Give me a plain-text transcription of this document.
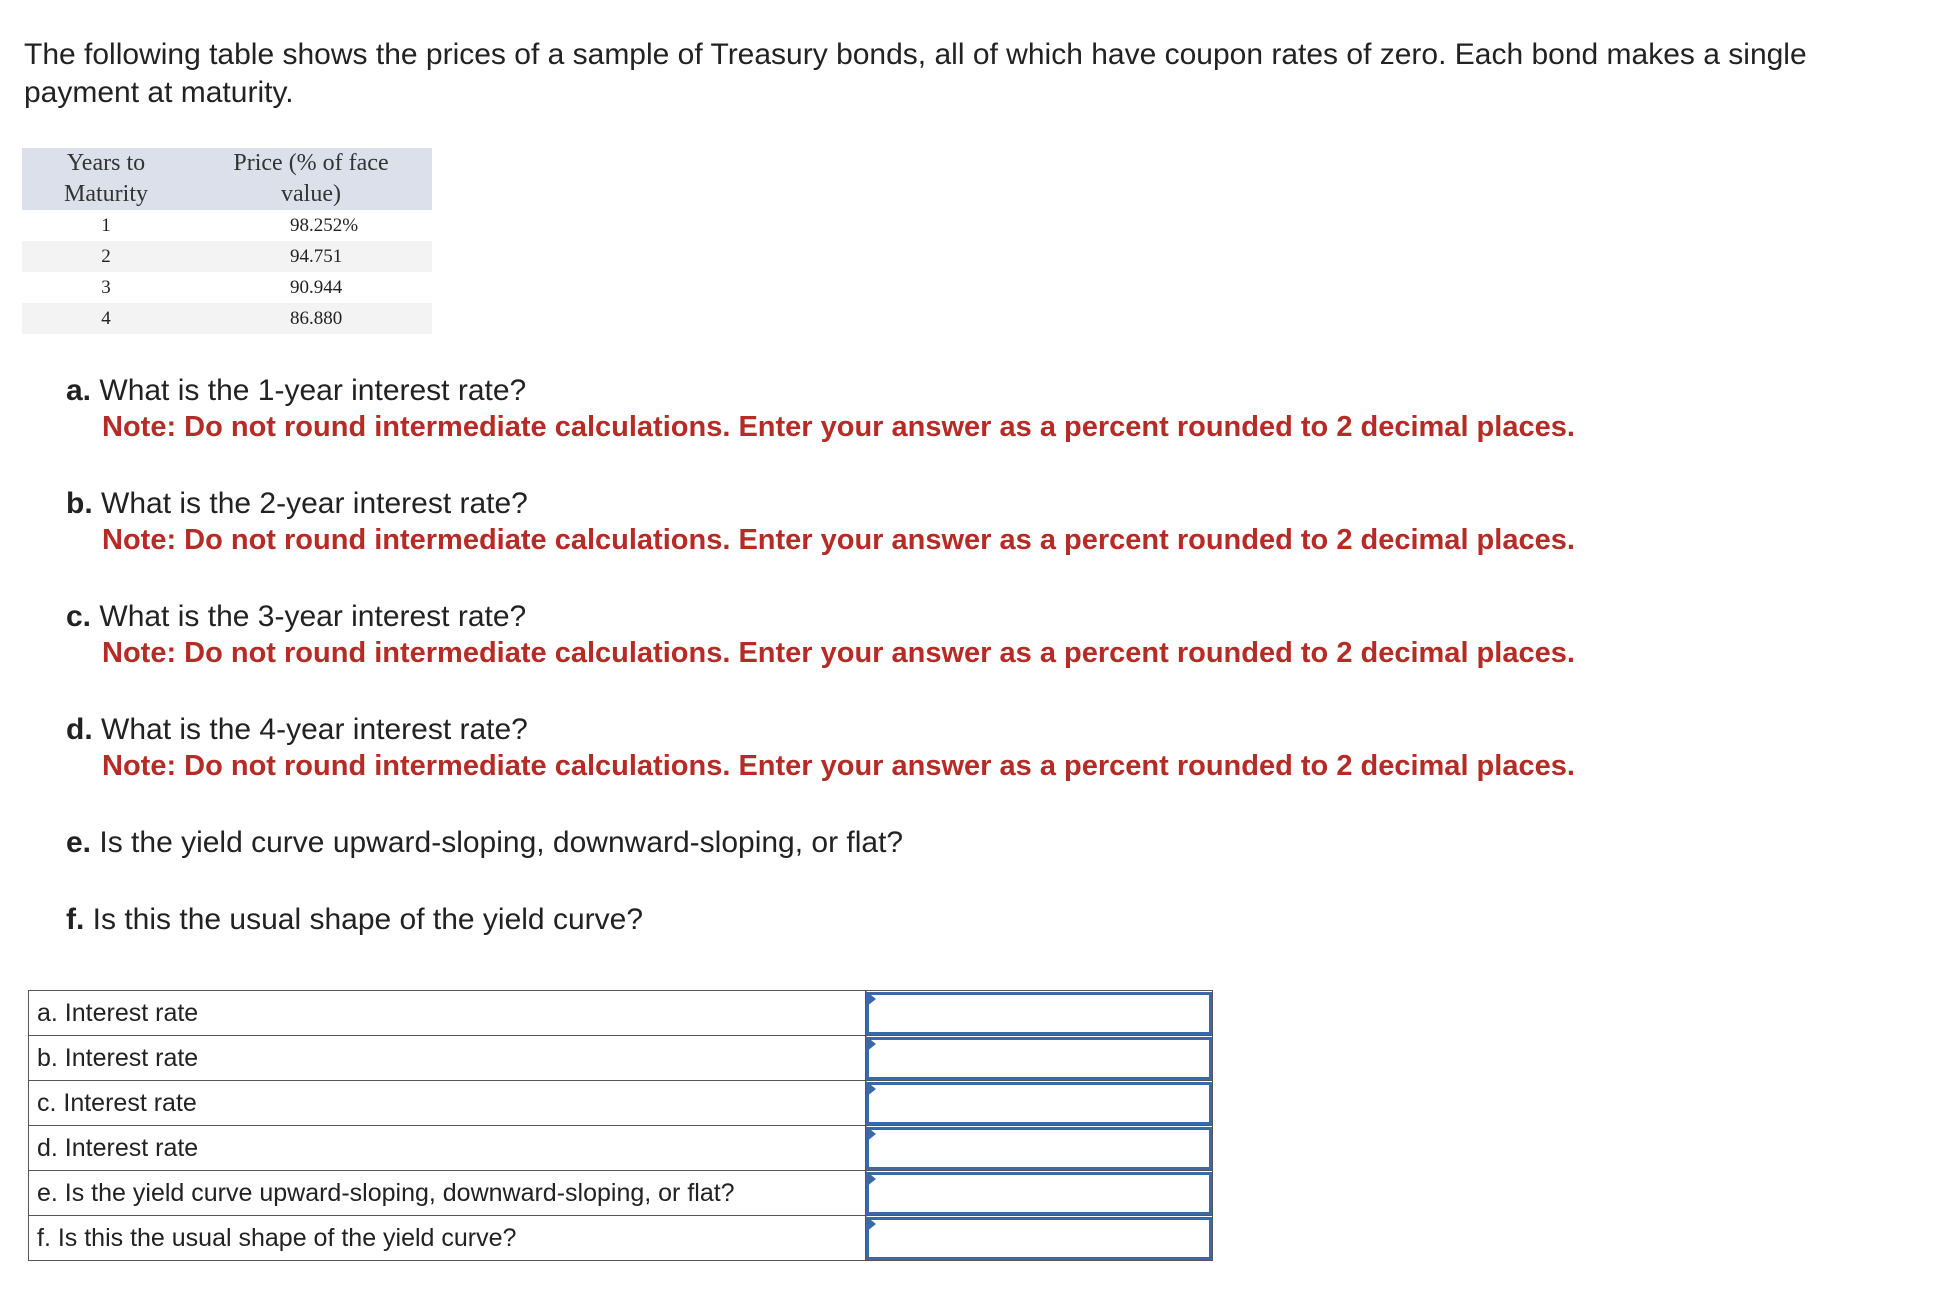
The following table shows the prices of a sample of Treasury bonds, all of which have coupon rates of zero. Each bond makes a single
payment at maturity.
Years to
Maturity	Price (% of face
value)
1	98.252%
2	94.751
3	90.944
4	86.880
a. What is the 1-year interest rate?
Note: Do not round intermediate calculations. Enter your answer as a percent rounded to 2 decimal places.
b. What is the 2-year interest rate?
Note: Do not round intermediate calculations. Enter your answer as a percent rounded to 2 decimal places.
c. What is the 3-year interest rate?
Note: Do not round intermediate calculations. Enter your answer as a percent rounded to 2 decimal places.
d. What is the 4-year interest rate?
Note: Do not round intermediate calculations. Enter your answer as a percent rounded to 2 decimal places.
e. Is the yield curve upward-sloping, downward-sloping, or flat?
f. Is this the usual shape of the yield curve?
a. Interest rate	

b. Interest rate	

c. Interest rate	

d. Interest rate	

e. Is the yield curve upward-sloping, downward-sloping, or flat?	

f. Is this the usual shape of the yield curve?	
